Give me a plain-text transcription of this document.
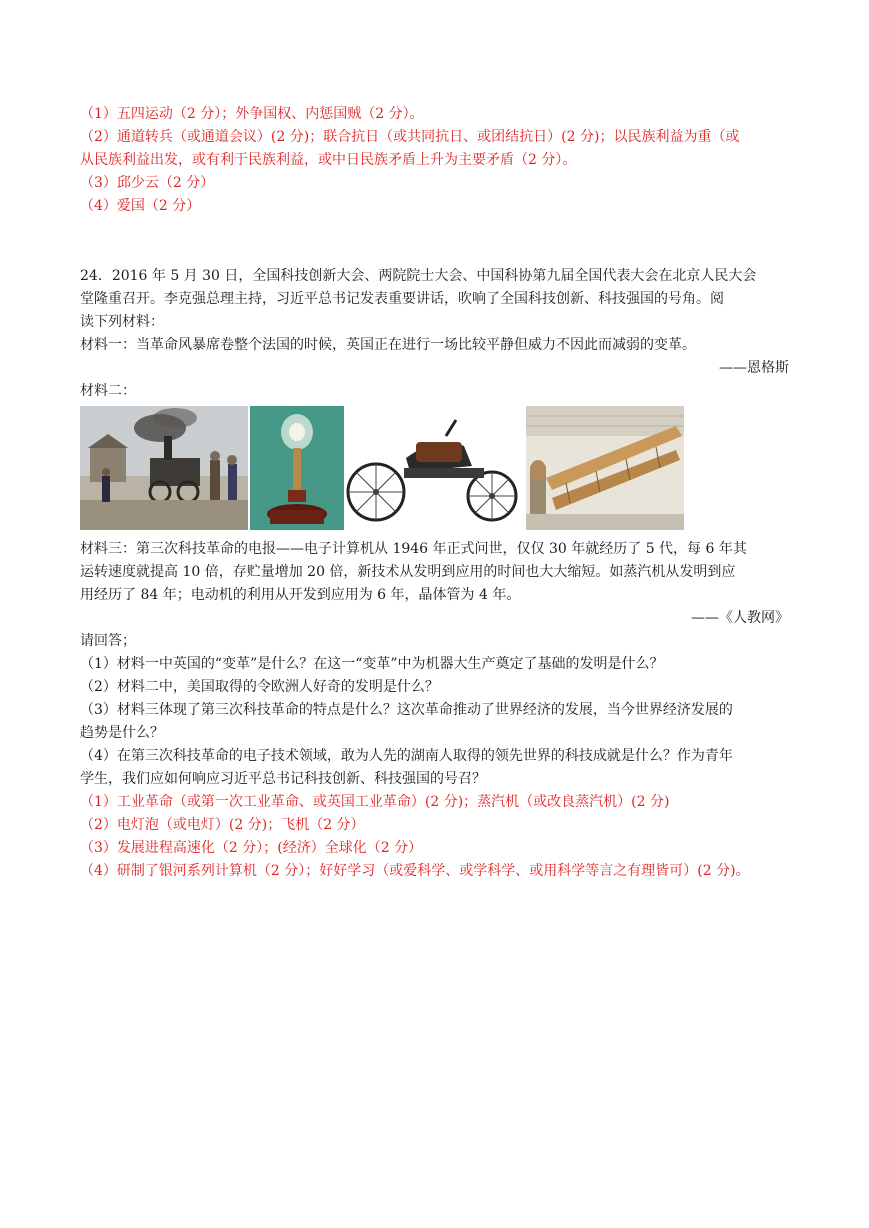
（1）五四运动（2 分）；外争国权、内惩国贼（2 分）。
（2）通道转兵（或通道会议）(2 分)；联合抗日（或共同抗日、或团结抗日）(2 分)；以民族利益为重（或
从民族利益出发，或有利于民族利益，或中日民族矛盾上升为主要矛盾（2 分）。
（3）邱少云（2 分）
（4）爱国（2 分）
24．2016 年 5 月 30 日，全国科技创新大会、两院院士大会、中国科协第九届全国代表大会在北京人民大会
堂隆重召开。李克强总理主持，习近平总书记发表重要讲话，吹响了全国科技创新、科技强国的号角。阅
读下列材料：
材料一：当革命风暴席卷整个法国的时候，英国正在进行一场比较平静但威力不因此而减弱的变革。
——恩格斯
材料二：
材料三：第三次科技革命的电报——电子计算机从 1946 年正式问世，仅仅 30 年就经历了 5 代，每 6 年其
运转速度就提高 10 倍，存贮量增加 20 倍，新技术从发明到应用的时间也大大缩短。如蒸汽机从发明到应
用经历了 84 年；电动机的利用从开发到应用为 6 年，晶体管为 4 年。
——《人教网》
请回答；
（1）材料一中英国的“变革”是什么？在这一“变革”中为机器大生产奠定了基础的发明是什么？
（2）材料二中，美国取得的令欧洲人好奇的发明是什么？
（3）材料三体现了第三次科技革命的特点是什么？这次革命推动了世界经济的发展，当今世界经济发展的
趋势是什么？
（4）在第三次科技革命的电子技术领域，敢为人先的湖南人取得的领先世界的科技成就是什么？作为青年
学生，我们应如何响应习近平总书记科技创新、科技强国的号召？
（1）工业革命（或第一次工业革命、或英国工业革命）(2 分)；蒸汽机（或改良蒸汽机）(2 分)
（2）电灯泡（或电灯）(2 分)；飞机（2 分）
（3）发展进程高速化（2 分）；(经济）全球化（2 分）
（4）研制了银河系列计算机（2 分）；好好学习（或爱科学、或学科学、或用科学等言之有理皆可）(2 分)。
